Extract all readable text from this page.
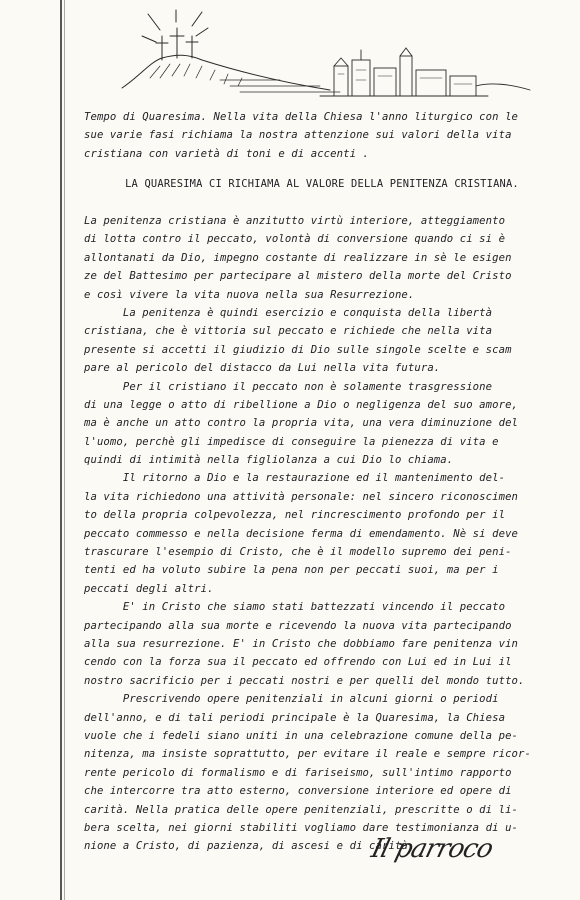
Tempo di Quaresima. Nella vita della Chiesa l'anno liturgico con le
sue varie fasi richiama la nostra attenzione sui valori della vita
cristiana con varietà di toni e di accenti .
LA QUARESIMA CI RICHIAMA AL VALORE DELLA PENITENZA CRISTIANA.
La penitenza cristiana è anzitutto virtù interiore, atteggiamento
di lotta contro il peccato, volontà di conversione quando ci si è
allontanati da Dio, impegno costante di realizzare in sè le esigen
ze del Battesimo per partecipare al mistero della morte del Cristo
e così vivere la vita nuova nella sua Resurrezione.
La penitenza è quindi esercizio e conquista della libertà
cristiana, che è vittoria sul peccato e richiede che nella vita
presente si accetti il giudizio di Dio sulle singole scelte e scam
pare al pericolo del distacco da Lui nella vita futura.
Per il cristiano il peccato non è solamente trasgressione
di una legge o atto di ribellione a Dio o negligenza del suo amore,
ma è anche un atto contro la propria vita, una vera diminuzione del
l'uomo, perchè gli impedisce di conseguire la pienezza di vita e
quindi di intimità nella figliolanza a cui Dio lo chiama.
Il ritorno a Dio e la restaurazione ed il mantenimento del-
la vita richiedono una attività personale: nel sincero riconoscimen
to della propria colpevolezza, nel rincrescimento profondo per il
peccato commesso e nella decisione ferma di emendamento. Nè si deve
trascurare l'esempio di Cristo, che è il modello supremo dei peni-
tenti ed ha voluto subire la pena non per peccati suoi, ma per i
peccati degli altri.
E' in Cristo che siamo stati battezzati vincendo il peccato
partecipando alla sua morte e ricevendo la nuova vita partecipando
alla sua resurrezione. E' in Cristo che dobbiamo fare penitenza vin
cendo con la forza sua il peccato ed offrendo con Lui ed in Lui il
nostro sacrificio per i peccati nostri e per quelli del mondo tutto.
Prescrivendo opere penitenziali in alcuni giorni o periodi
dell'anno, e di tali periodi principale è la Quaresima, la Chiesa
vuole che i fedeli siano uniti in una celebrazione comune della pe-
nitenza, ma insiste soprattutto, per evitare il reale e sempre ricor-
rente pericolo di formalismo e di fariseismo, sull'intimo rapporto
che intercorre tra atto esterno, conversione interiore ed opere di
carità. Nella pratica delle opere penitenziali, prescritte o di li-
bera scelta, nei giorni stabiliti vogliamo dare testimonianza di u-
nione a Cristo, di pazienza, di ascesi e di carità.
Il parroco
